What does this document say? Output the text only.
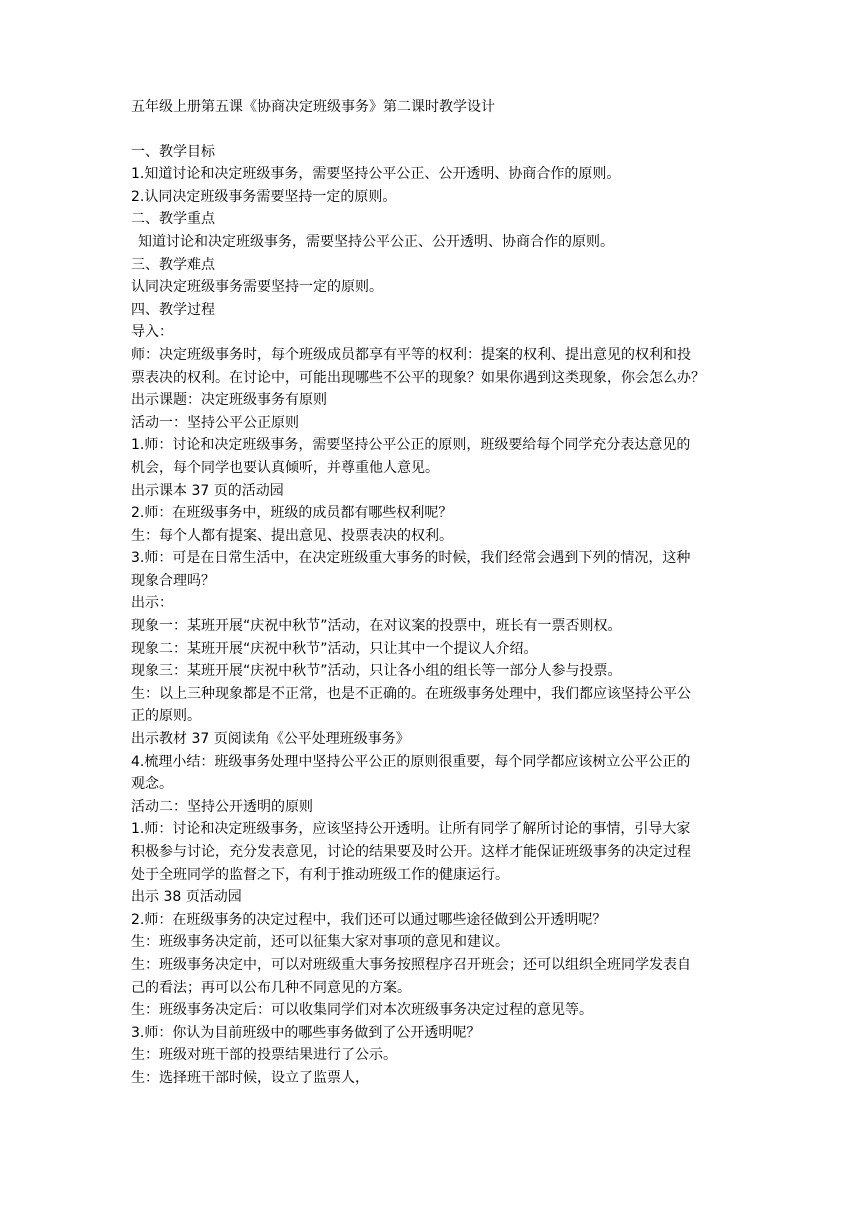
五年级上册第五课《协商决定班级事务》第二课时教学设计

一、教学目标

1.知道讨论和决定班级事务，需要坚持公平公正、公开透明、协商合作的原则。

2.认同决定班级事务需要坚持一定的原则。

二、教学重点

知道讨论和决定班级事务，需要坚持公平公正、公开透明、协商合作的原则。

三、教学难点

认同决定班级事务需要坚持一定的原则。

四、教学过程

导入：

师：决定班级事务时，每个班级成员都享有平等的权利：提案的权利、提出意见的权利和投

票表决的权利。在讨论中，可能出现哪些不公平的现象？如果你遇到这类现象，你会怎么办？

出示课题：决定班级事务有原则

活动一：坚持公平公正原则

1.师：讨论和决定班级事务，需要坚持公平公正的原则，班级要给每个同学充分表达意见的

机会，每个同学也要认真倾听，并尊重他人意见。

出示课本 37 页的活动园

2.师：在班级事务中，班级的成员都有哪些权利呢？

生：每个人都有提案、提出意见、投票表决的权利。

3.师：可是在日常生活中，在决定班级重大事务的时候，我们经常会遇到下列的情况，这种

现象合理吗？

出示：

现象一：某班开展“庆祝中秋节”活动，在对议案的投票中，班长有一票否则权。

现象二：某班开展“庆祝中秋节”活动，只让其中一个提议人介绍。

现象三：某班开展“庆祝中秋节”活动，只让各小组的组长等一部分人参与投票。

生：以上三种现象都是不正常，也是不正确的。在班级事务处理中，我们都应该坚持公平公

正的原则。

出示教材 37 页阅读角《公平处理班级事务》

4.梳理小结：班级事务处理中坚持公平公正的原则很重要，每个同学都应该树立公平公正的

观念。

活动二：坚持公开透明的原则

1.师：讨论和决定班级事务，应该坚持公开透明。让所有同学了解所讨论的事情，引导大家

积极参与讨论，充分发表意见，讨论的结果要及时公开。这样才能保证班级事务的决定过程

处于全班同学的监督之下，有利于推动班级工作的健康运行。

出示 38 页活动园

2.师：在班级事务的决定过程中，我们还可以通过哪些途径做到公开透明呢？

生：班级事务决定前，还可以征集大家对事项的意见和建议。

生：班级事务决定中，可以对班级重大事务按照程序召开班会；还可以组织全班同学发表自

己的看法；再可以公布几种不同意见的方案。

生：班级事务决定后：可以收集同学们对本次班级事务决定过程的意见等。

3.师：你认为目前班级中的哪些事务做到了公开透明呢？

生：班级对班干部的投票结果进行了公示。

生：选择班干部时候，设立了监票人，
